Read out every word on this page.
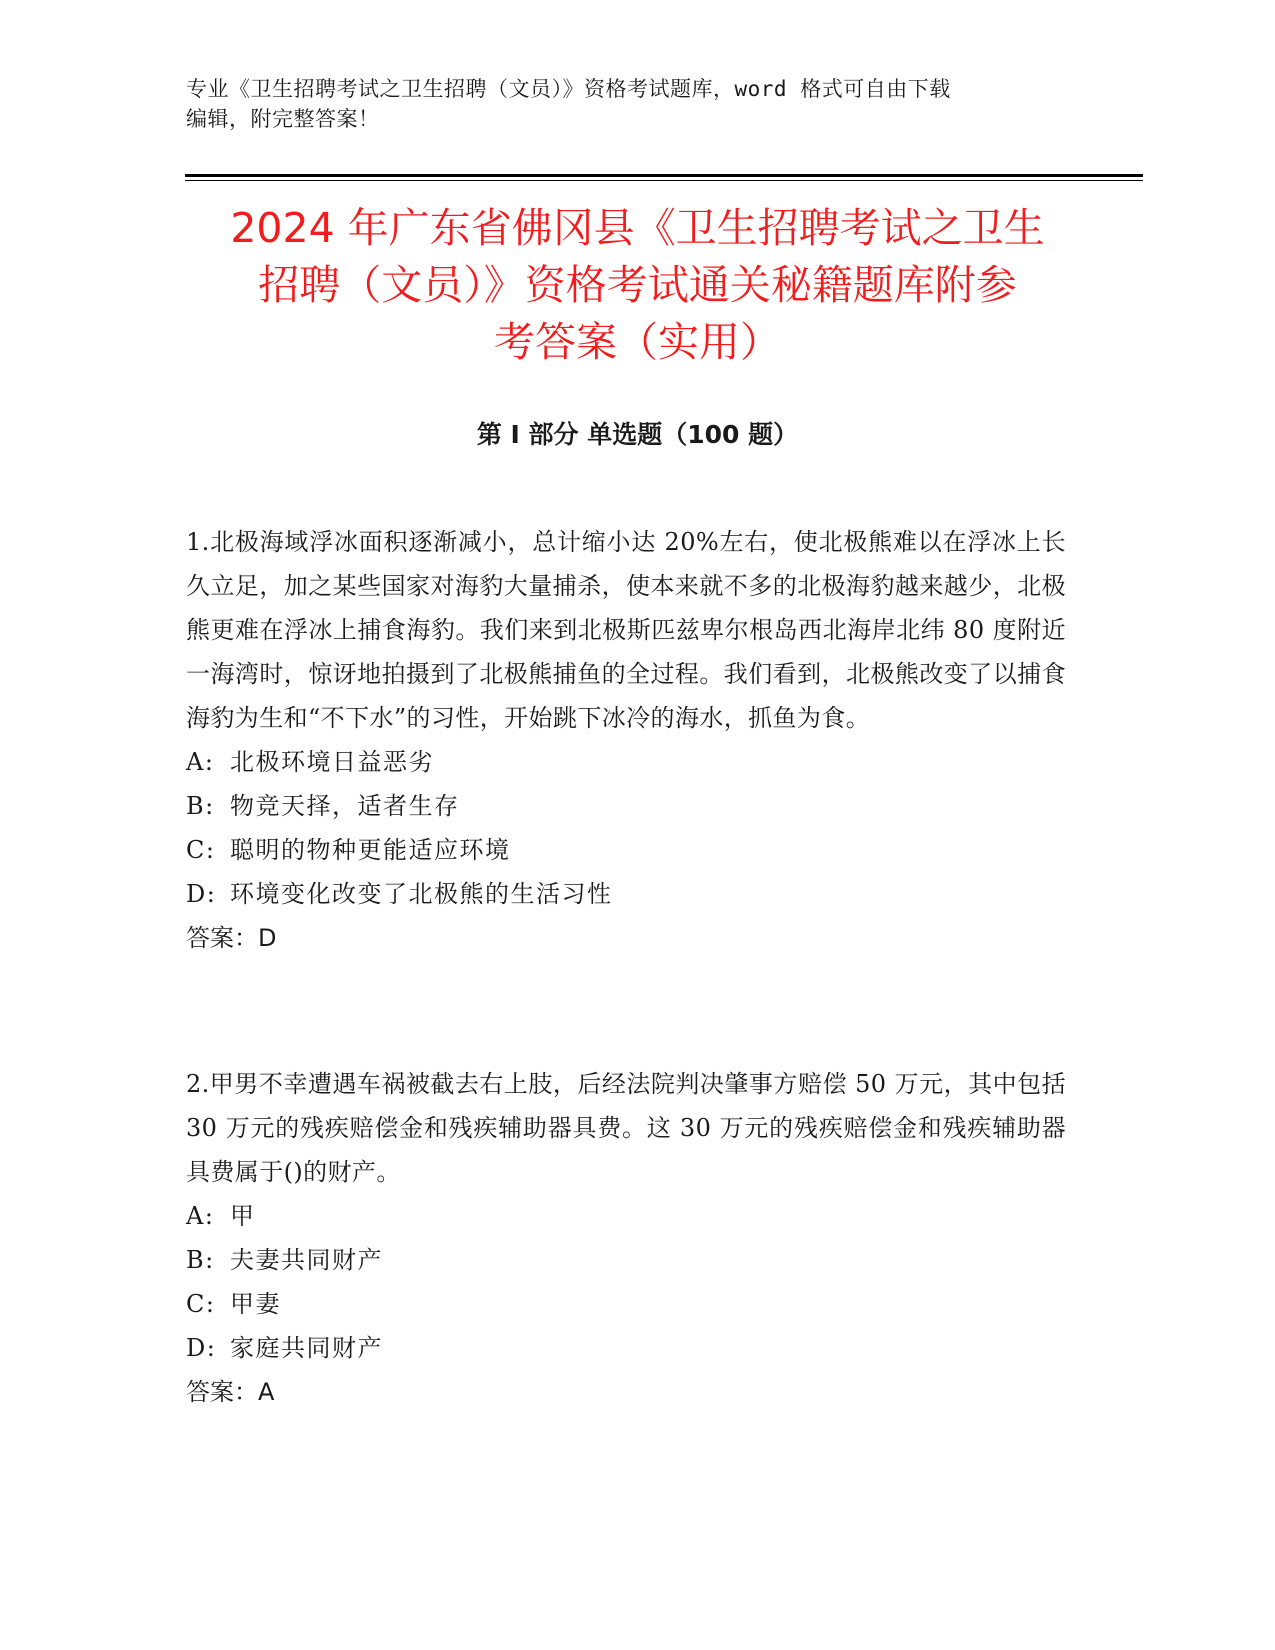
专业《卫生招聘考试之卫生招聘（文员）》资格考试题库，word 格式可自由下载
编辑，附完整答案！
2024 年广东省佛冈县《卫生招聘考试之卫生
招聘（文员）》资格考试通关秘籍题库附参
考答案（实用）
第 I 部分 单选题（100 题）

1.北极海域浮冰面积逐渐减小，总计缩小达 20%左右，使北极熊难以在浮冰上长久立足，加之某些国家对海豹大量捕杀，使本来就不多的北极海豹越来越少，北极熊更难在浮冰上捕食海豹。我们来到北极斯匹兹卑尔根岛西北海岸北纬 80 度附近一海湾时，惊讶地拍摄到了北极熊捕鱼的全过程。我们看到，北极熊改变了以捕食海豹为生和“不下水”的习性，开始跳下冰冷的海水，抓鱼为食。

A: 北极环境日益恶劣
B: 物竞天择，适者生存
C: 聪明的物种更能适应环境
D: 环境变化改变了北极熊的生活习性

答案：D

2.甲男不幸遭遇车祸被截去右上肢，后经法院判决肇事方赔偿 50 万元，其中包括 30 万元的残疾赔偿金和残疾辅助器具费。这 30 万元的残疾赔偿金和残疾辅助器具费属于()的财产。

A: 甲
B: 夫妻共同财产
C: 甲妻
D: 家庭共同财产

答案：A
